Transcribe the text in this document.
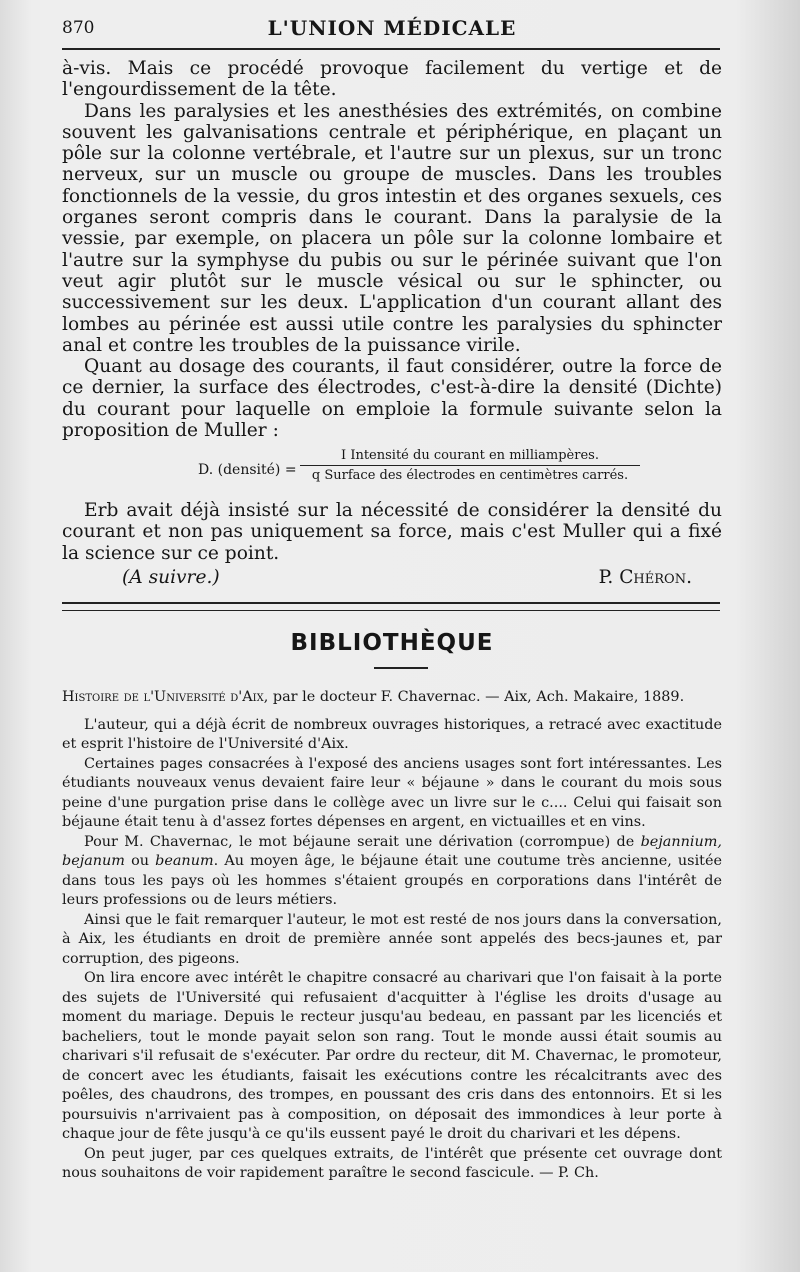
870	L'UNION MÉDICALE

à-vis. Mais ce procédé provoque facilement du vertige et de l'engourdissement de la tête.

Dans les paralysies et les anesthésies des extrémités, on combine souvent les galvanisations centrale et périphérique, en plaçant un pôle sur la colonne vertébrale, et l'autre sur un plexus, sur un tronc nerveux, sur un muscle ou groupe de muscles. Dans les troubles fonctionnels de la vessie, du gros intestin et des organes sexuels, ces organes seront compris dans le courant. Dans la paralysie de la vessie, par exemple, on placera un pôle sur la colonne lombaire et l'autre sur la symphyse du pubis ou sur le périnée suivant que l'on veut agir plutôt sur le muscle vésical ou sur le sphincter, ou successivement sur les deux. L'application d'un courant allant des lombes au périnée est aussi utile contre les paralysies du sphincter anal et contre les troubles de la puissance virile.

Quant au dosage des courants, il faut considérer, outre la force de ce dernier, la surface des électrodes, c'est-à-dire la densité (Dichte) du courant pour laquelle on emploie la formule suivante selon la proposition de Muller :

D. (densité) =
I Intensité du courant en milliampères.
q Surface des électrodes en centimètres carrés.

Erb avait déjà insisté sur la nécessité de considérer la densité du courant et non pas uniquement sa force, mais c'est Muller qui a fixé la science sur ce point.

(A suivre.)	P. Chéron.
BIBLIOTHÈQUE

Histoire de l'Université d'Aix, par le docteur F. Chavernac. — Aix, Ach. Makaire, 1889.

L'auteur, qui a déjà écrit de nombreux ouvrages historiques, a retracé avec exactitude et esprit l'histoire de l'Université d'Aix.

Certaines pages consacrées à l'exposé des anciens usages sont fort intéressantes. Les étudiants nouveaux venus devaient faire leur « béjaune » dans le courant du mois sous peine d'une purgation prise dans le collège avec un livre sur le c.... Celui qui faisait son béjaune était tenu à d'assez fortes dépenses en argent, en victuailles et en vins.

Pour M. Chavernac, le mot béjaune serait une dérivation (corrompue) de bejannium, bejanum ou beanum. Au moyen âge, le béjaune était une coutume très ancienne, usitée dans tous les pays où les hommes s'étaient groupés en corporations dans l'intérêt de leurs professions ou de leurs métiers.

Ainsi que le fait remarquer l'auteur, le mot est resté de nos jours dans la conversation, à Aix, les étudiants en droit de première année sont appelés des becs-jaunes et, par corruption, des pigeons.

On lira encore avec intérêt le chapitre consacré au charivari que l'on faisait à la porte des sujets de l'Université qui refusaient d'acquitter à l'église les droits d'usage au moment du mariage. Depuis le recteur jusqu'au bedeau, en passant par les licenciés et bacheliers, tout le monde payait selon son rang. Tout le monde aussi était soumis au charivari s'il refusait de s'exécuter. Par ordre du recteur, dit M. Chavernac, le promoteur, de concert avec les étudiants, faisait les exécutions contre les récalcitrants avec des poêles, des chaudrons, des trompes, en poussant des cris dans des entonnoirs. Et si les poursuivis n'arrivaient pas à composition, on déposait des immondices à leur porte à chaque jour de fête jusqu'à ce qu'ils eussent payé le droit du charivari et les dépens.

On peut juger, par ces quelques extraits, de l'intérêt que présente cet ouvrage dont nous souhaitons de voir rapidement paraître le second fascicule. — P. Ch.
